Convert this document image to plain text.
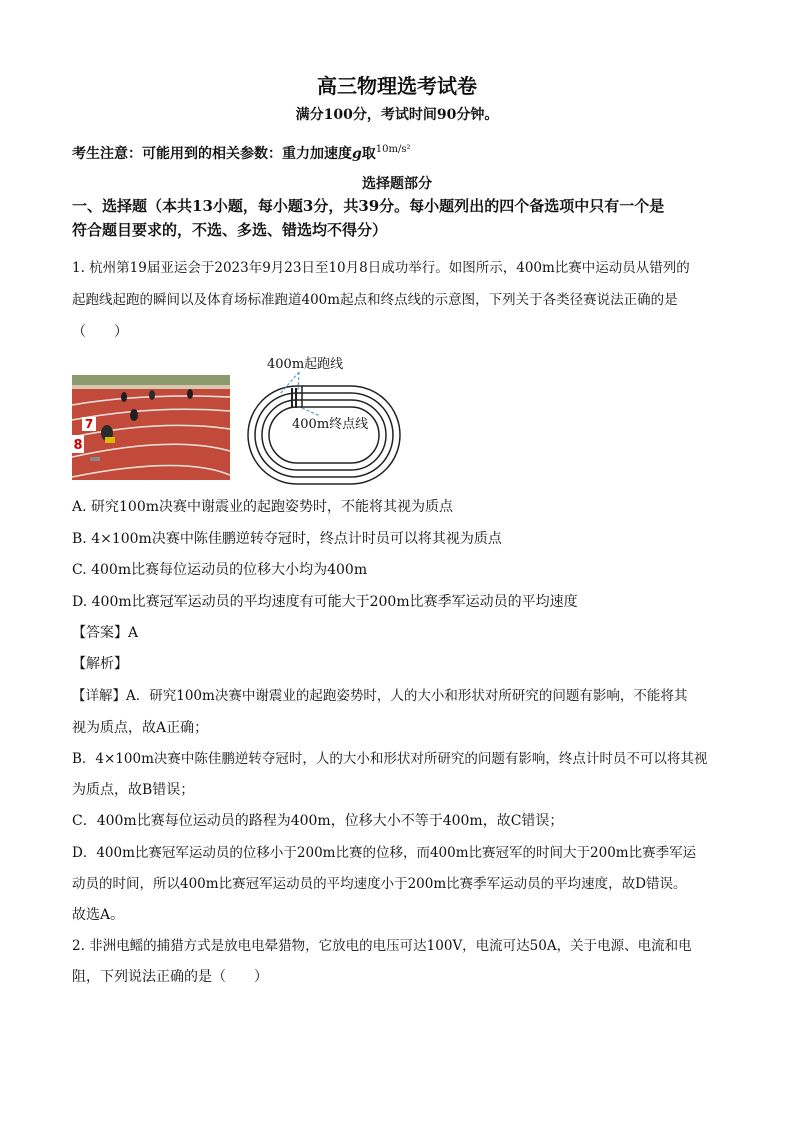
高三物理选考试卷
满分100分，考试时间90分钟。
考生注意：可能用到的相关参数：重力加速度g取$^{10m/s^2}$
选择题部分
一、选择题（本共13小题，每小题3分，共39分。每小题列出的四个备选项中只有一个是
符合题目要求的，不选、多选、错选均不得分）
1. 杭州第19届亚运会于2023年9月23日至10月8日成功举行。如图所示，400m比赛中运动员从错列的
起跑线起跑的瞬间以及体育场标准跑道400m起点和终点线的示意图，下列关于各类径赛说法正确的是
（　　）
7
8
400m起跑线
400m终点线
A. 研究100m决赛中谢震业的起跑姿势时，不能将其视为质点
B. 4×100m决赛中陈佳鹏逆转夺冠时，终点计时员可以将其视为质点
C. 400m比赛每位运动员的位移大小均为400m
D. 400m比赛冠军运动员的平均速度有可能大于200m比赛季军运动员的平均速度
【答案】A
【解析】
【详解】A．研究100m决赛中谢震业的起跑姿势时，人的大小和形状对所研究的问题有影响，不能将其
视为质点，故A正确；
B．4×100m决赛中陈佳鹏逆转夺冠时，人的大小和形状对所研究的问题有影响，终点计时员不可以将其视
为质点，故B错误；
C．400m比赛每位运动员的路程为400m，位移大小不等于400m，故C错误；
D．400m比赛冠军运动员的位移小于200m比赛的位移，而400m比赛冠军的时间大于200m比赛季军运
动员的时间，所以400m比赛冠军运动员的平均速度小于200m比赛季军运动员的平均速度，故D错误。
故选A。
2. 非洲电鳐的捕猎方式是放电电晕猎物，它放电的电压可达100V，电流可达50A，关于电源、电流和电
阻，下列说法正确的是（　　）
